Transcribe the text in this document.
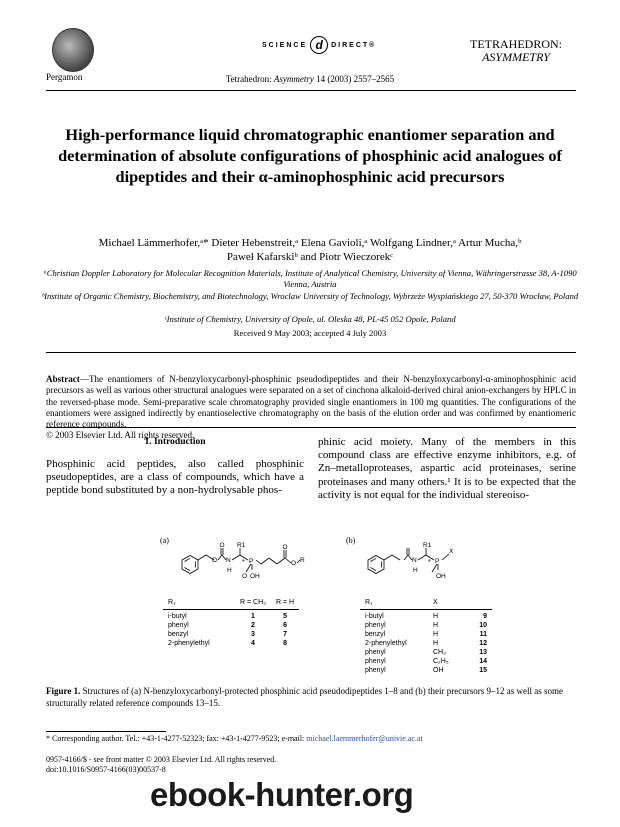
Pergamon
SCIENCE d DIRECT®
Tetrahedron: Asymmetry 14 (2003) 2557–2565
TETRAHEDRON:
ASYMMETRY
High-performance liquid chromatographic enantiomer separation and determination of absolute configurations of phosphinic acid analogues of dipeptides and their α-aminophosphinic acid precursors
Michael Lämmerhofer,ᵃ* Dieter Hebenstreit,ᵃ Elena Gavioli,ᵃ Wolfgang Lindner,ᵃ Artur Mucha,ᵇ
Paweł Kafarskiᵇ and Piotr Wieczorekᶜ
ᵃChristian Doppler Laboratory for Molecular Recognition Materials, Institute of Analytical Chemistry, University of Vienna, Währingerstrasse 38, A-1090 Vienna, Austria
ᵇInstitute of Organic Chemistry, Biochemistry, and Biotechnology, Wroclaw University of Technology, Wybrzeże Wyspiańskiego 27, 50-370 Wrocław, Poland
ᶜInstitute of Chemistry, University of Opole, ul. Oleska 48, PL-45 052 Opole, Poland
Received 9 May 2003; accepted 4 July 2003
Abstract—The enantiomers of N-benzyloxycarbonyl-phosphinic pseudodipeptides and their N-benzyloxycarbonyl-α-aminophosphinic acid precursors as well as various other structural analogues were separated on a set of cinchona alkaloid-derived chiral anion-exchangers by HPLC in the reversed-phase mode. Semi-preparative scale chromatography provided single enantiomers in 100 mg quantities. The configurations of the enantiomers were assigned indirectly by enantioselective chromatography on the basis of the elution order and was confirmed by enantiomeric reference compounds.
© 2003 Elsevier Ltd. All rights reserved.
1. Introduction
Phosphinic acid peptides, also called phosphinic pseudopeptides, are a class of compounds, which have a peptide bond substituted by a non-hydrolysable phos-
phinic acid moiety. Many of the members in this compound class are effective enzyme inhibitors, e.g. of Zn–metalloproteases, aspartic acid proteinases, serine proteinases and many others.¹ It is to be expected that the activity is not equal for the individual stereoiso-
(a)	(b)
O
O
N
H
R1
* P
O OH
O
O R	N
H
R1
* P
OH
X
R₁	R = CH₃	R = H
i-butyl	1	5
phenyl	2	6
benzyl	3	7
2-phenylethyl	4	8
R₁	X	
i-butyl	H	9
phenyl	H	10
benzyl	H	11
2-phenylethyl	H	12
phenyl	CH₃	13
phenyl	C₂H₅	14
phenyl	OH	15
Figure 1. Structures of (a) N-benzyloxycarbonyl-protected phosphinic acid pseudodipeptides 1–8 and (b) their precursors 9–12 as well as some structurally related reference compounds 13–15.
* Corresponding author. Tel.: +43-1-4277-52323; fax: +43-1-4277-9523; e-mail: michael.laemmerhofer@univie.ac.at
0957-4166/$ - see front matter © 2003 Elsevier Ltd. All rights reserved.
doi:10.1016/S0957-4166(03)00537-8
ebook-hunter.org
